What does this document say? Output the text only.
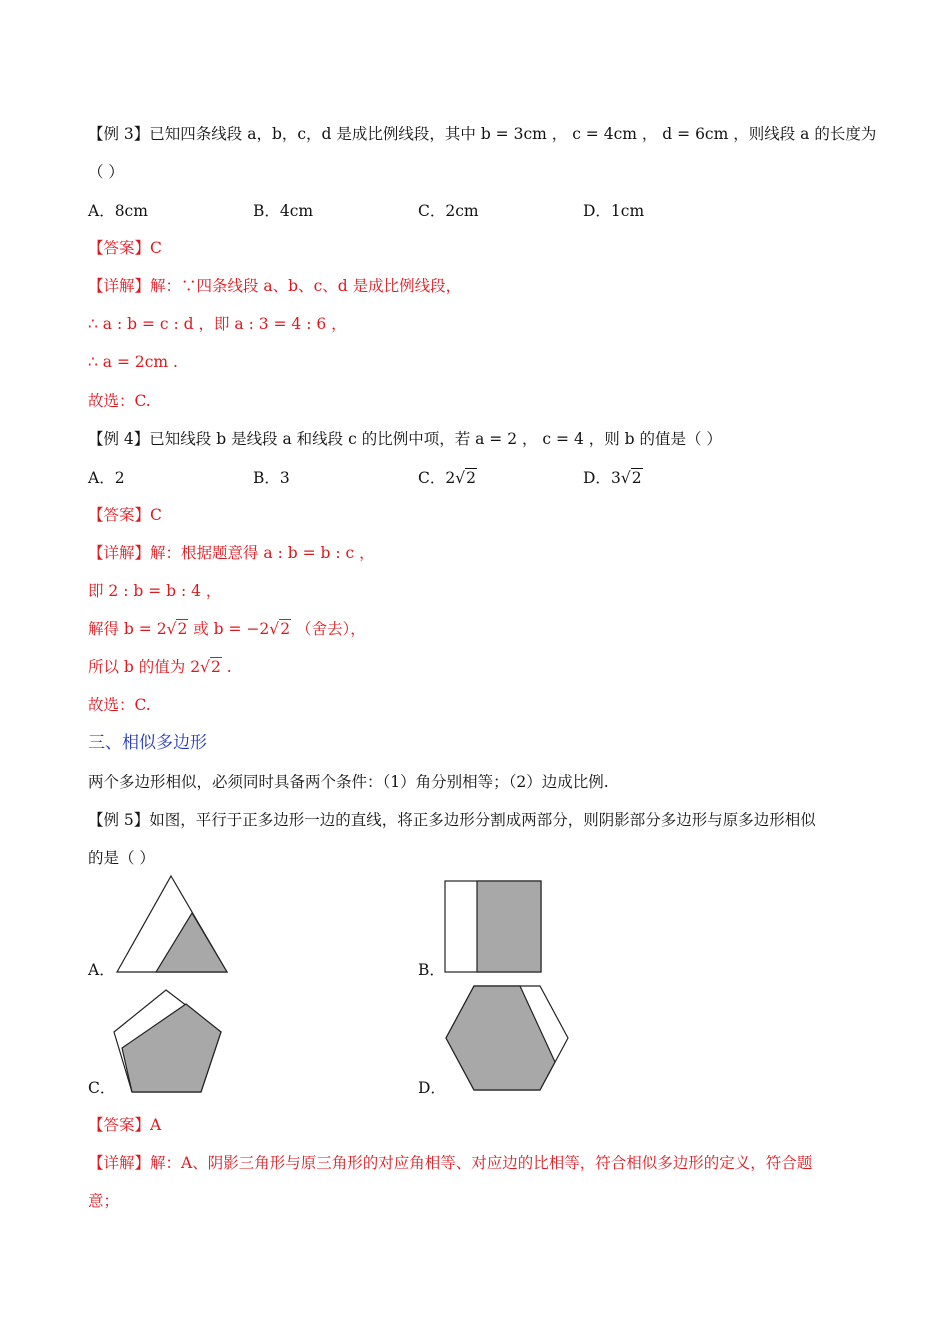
【例 3】已知四条线段 a，b，c，d 是成比例线段，其中 b = 3cm ， c = 4cm ， d = 6cm ，则线段 a 的长度为
（ ）
A．8cm	B．4cm	C．2cm	D．1cm
【答案】C
【详解】解：∵四条线段 a、b、c、d 是成比例线段，
∴ a : b = c : d ，即 a : 3 = 4 : 6 ，
∴ a = 2cm .
故选：C.
【例 4】已知线段 b 是线段 a 和线段 c 的比例中项，若 a = 2 ， c = 4 ，则 b 的值是（ ）
A．2	B．3	C．2√2	D．3√2
【答案】C
【详解】解：根据题意得 a : b = b : c ，
即 2 : b = b : 4 ，
解得 b = 2√2 或 b = −2√2 （舍去），
所以 b 的值为 2√2 .
故选：C.
三、相似多边形
两个多边形相似，必须同时具备两个条件：（1）角分别相等；（2）边成比例.
【例 5】如图，平行于正多边形一边的直线，将正多边形分割成两部分，则阴影部分多边形与原多边形相似
的是（ ）
A．	B．
C．	D．
【答案】A
【详解】解：A、阴影三角形与原三角形的对应角相等、对应边的比相等，符合相似多边形的定义，符合题
意；
